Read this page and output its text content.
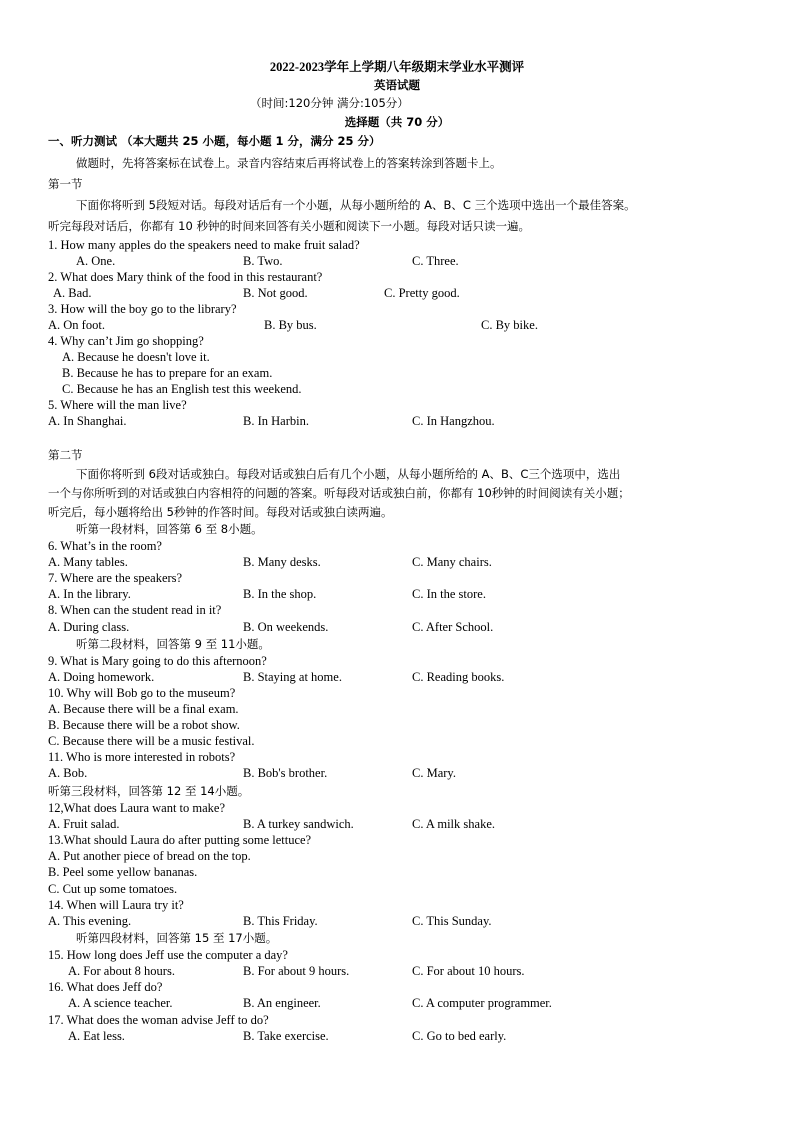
2022-2023学年上学期八年级期末学业水平测评
英语试题
（时间:120分钟 满分:105分）
选择题（共 70 分）
一、听力测试 （本大题共 25 小题，每小题 1 分，满分 25 分）
做题时，先将答案标在试卷上。录音内容结束后再将试卷上的答案转涂到答题卡上。
第一节
下面你将听到 5段短对话。每段对话后有一个小题，从每小题所给的 A、B、C 三个选项中选出一个最佳答案。
听完每段对话后，你都有 10 秒钟的时间来回答有关小题和阅读下一小题。每段对话只读一遍。
1. How many apples do the speakers need to make fruit salad?
A. One.	B. Two.	C. Three.
2. What does Mary think of the food in this restaurant?
A. Bad.	B. Not good.	C. Pretty good.
3. How will the boy go to the library?
A. On foot.	B. By bus.	C. By bike.
4. Why can’t Jim go shopping?
A. Because he doesn't love it.
B. Because he has to prepare for an exam.
C. Because he has an English test this weekend.
5. Where will the man live?
A. In Shanghai.	B. In Harbin.	C. In Hangzhou.
第二节
下面你将听到 6段对话或独白。每段对话或独白后有几个小题，从每小题所给的 A、B、C三个选项中，选出
一个与你所听到的对话或独白内容相符的问题的答案。听每段对话或独白前，你都有 10秒钟的时间阅读有关小题；
听完后，每小题将给出 5秒钟的作答时间。每段对话或独白读两遍。
听第一段材料，回答第 6 至 8小题。
6. What’s in the room?
A. Many tables.	B. Many desks.	C. Many chairs.
7. Where are the speakers?
A. In the library.	B. In the shop.	C. In the store.
8. When can the student read in it?
A. During class.	B. On weekends.	C. After School.
听第二段材料，回答第 9 至 11小题。
9. What is Mary going to do this afternoon?
A. Doing homework.	B. Staying at home.	C. Reading books.
10. Why will Bob go to the museum?
A. Because there will be a final exam.
B. Because there will be a robot show.
C. Because there will be a music festival.
11. Who is more interested in robots?
A. Bob.	B. Bob's brother.	C. Mary.
听第三段材料，回答第 12 至 14小题。
12,What does Laura want to make?
A. Fruit salad.	B. A turkey sandwich.	C. A milk shake.
13.What should Laura do after putting some lettuce?
A. Put another piece of bread on the top.
B. Peel some yellow bananas.
C. Cut up some tomatoes.
14. When will Laura try it?
A. This evening.	B. This Friday.	C. This Sunday.
听第四段材料，回答第 15 至 17小题。
15. How long does Jeff use the computer a day?
A. For about 8 hours.	B. For about 9 hours.	C. For about 10 hours.
16. What does Jeff do?
A. A science teacher.	B. An engineer.	C. A computer programmer.
17. What does the woman advise Jeff to do?
A. Eat less.	B. Take exercise.	C. Go to bed early.
